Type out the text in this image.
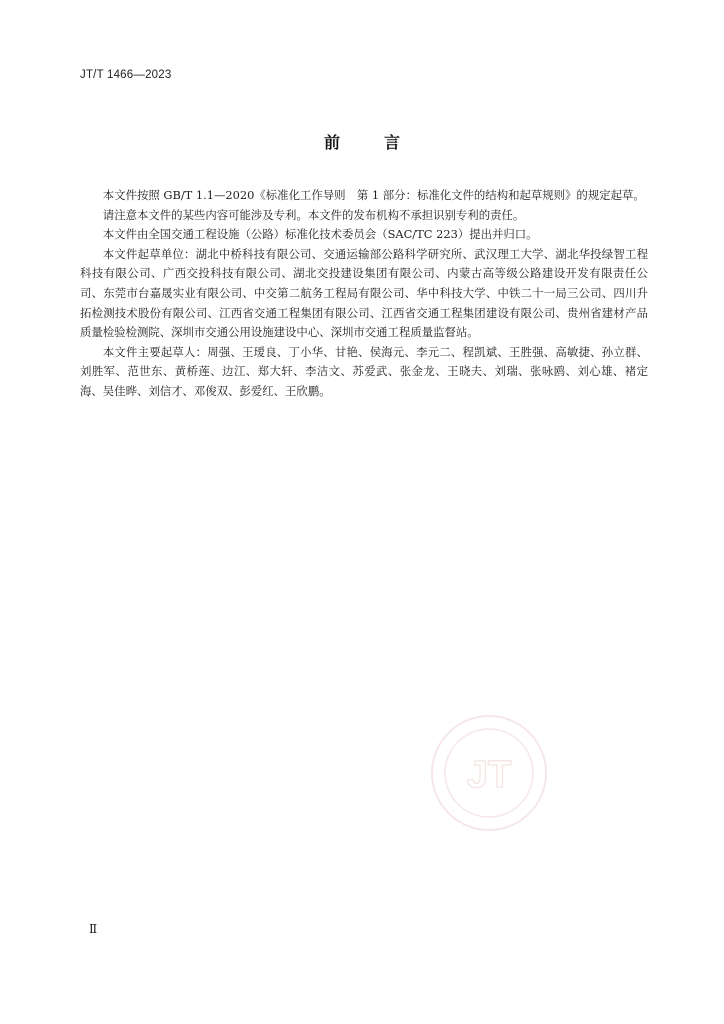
JT/T 1466—2023
前	言

本文件按照 GB/T 1.1—2020《标准化工作导则　第 1 部分：标准化文件的结构和起草规则》的规定起草。

请注意本文件的某些内容可能涉及专利。本文件的发布机构不承担识别专利的责任。

本文件由全国交通工程设施（公路）标准化技术委员会（SAC/TC 223）提出并归口。

本文件起草单位：湖北中桥科技有限公司、交通运输部公路科学研究所、武汉理工大学、湖北华投绿智工程科技有限公司、广西交投科技有限公司、湖北交投建设集团有限公司、内蒙古高等级公路建设开发有限责任公司、东莞市台嘉晟实业有限公司、中交第二航务工程局有限公司、华中科技大学、中铁二十一局三公司、四川升拓检测技术股份有限公司、江西省交通工程集团有限公司、江西省交通工程集团建设有限公司、贵州省建材产品质量检验检测院、深圳市交通公用设施建设中心、深圳市交通工程质量监督站。

本文件主要起草人：周强、王瑷良、丁小华、甘艳、侯海元、李元二、程凯斌、王胜强、高敏捷、孙立群、刘胜军、范世东、黄桥莲、边江、郑大轩、李洁文、苏爱武、张金龙、王晓夫、刘瑞、张咏鸥、刘心雄、褚定海、吴佳晔、刘信才、邓俊双、彭爱红、王欣鹏。

JT
Ⅱ
